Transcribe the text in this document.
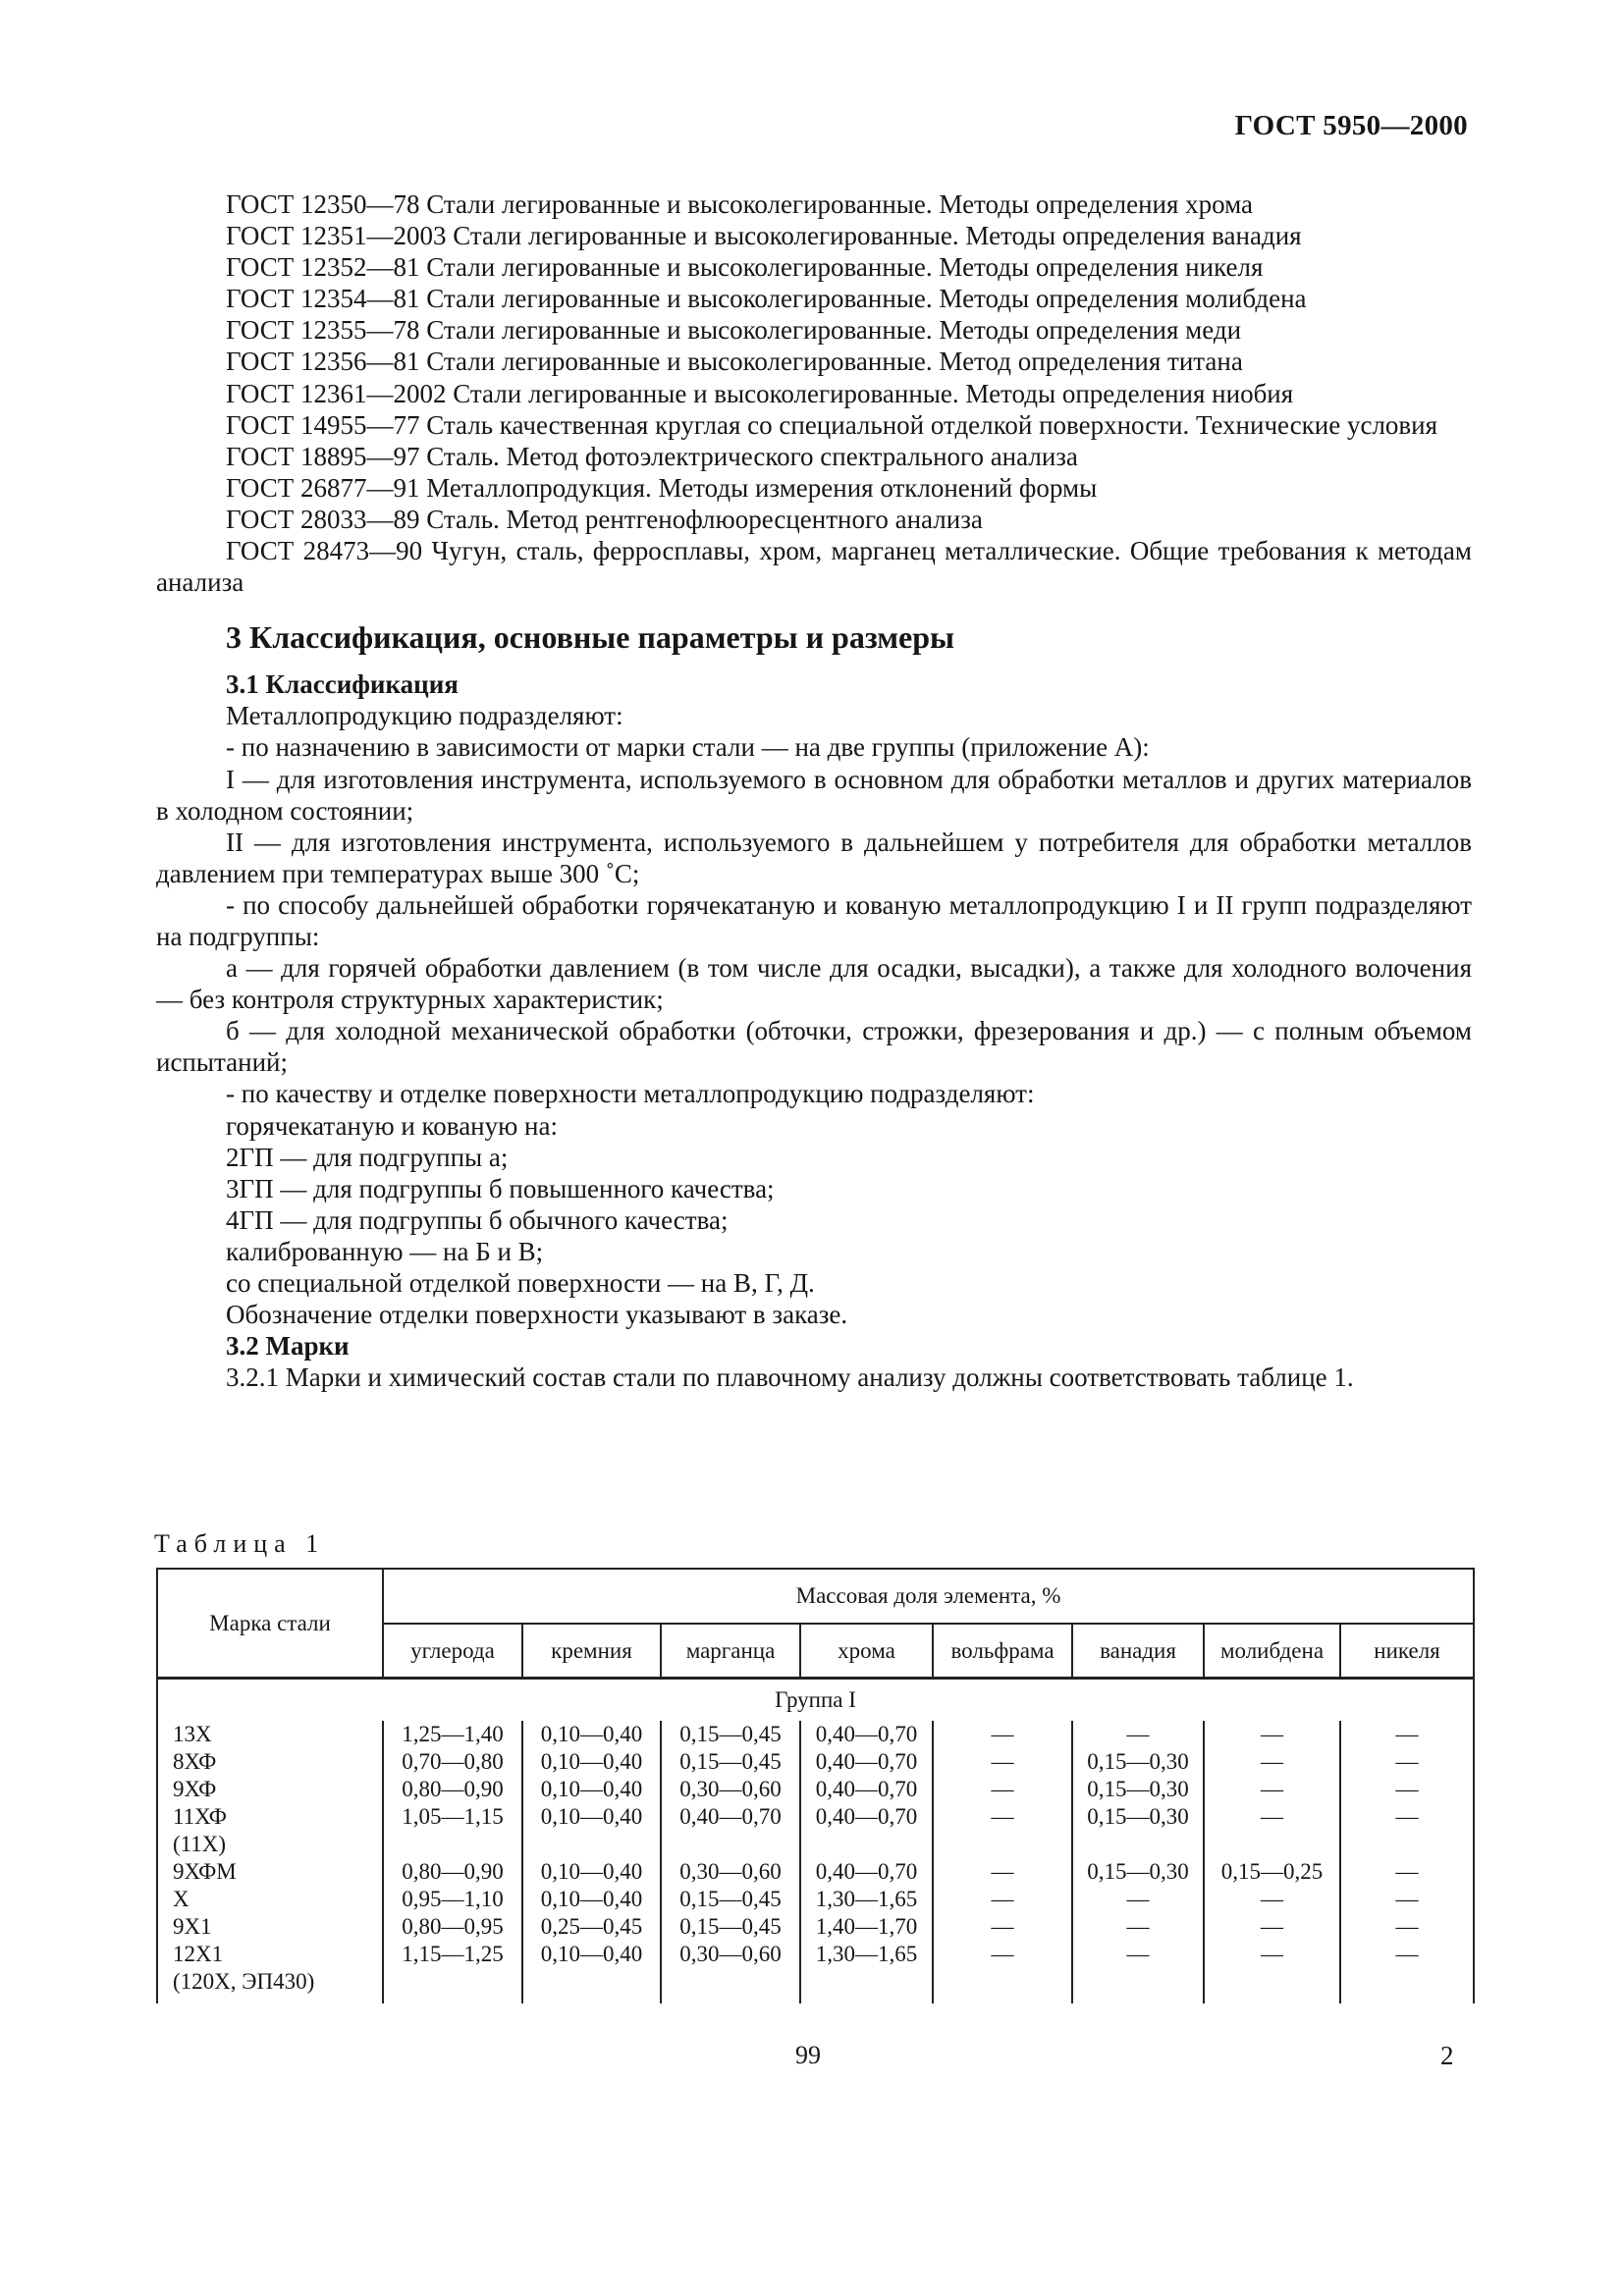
ГОСТ 5950—2000

ГОСТ 12350—78 Стали легированные и высоколегированные. Методы определения хрома

ГОСТ 12351—2003 Стали легированные и высоколегированные. Методы определения ванадия

ГОСТ 12352—81 Стали легированные и высоколегированные. Методы определения никеля

ГОСТ 12354—81 Стали легированные и высоколегированные. Методы определения молибдена

ГОСТ 12355—78 Стали легированные и высоколегированные. Методы определения меди

ГОСТ 12356—81 Стали легированные и высоколегированные. Метод определения титана

ГОСТ 12361—2002 Стали легированные и высоколегированные. Методы определения ниобия

ГОСТ 14955—77 Сталь качественная круглая со специальной отделкой поверхности. Технические условия

ГОСТ 18895—97 Сталь. Метод фотоэлектрического спектрального анализа

ГОСТ 26877—91 Металлопродукция. Методы измерения отклонений формы

ГОСТ 28033—89 Сталь. Метод рентгенофлюоресцентного анализа

ГОСТ 28473—90 Чугун, сталь, ферросплавы, хром, марганец металлические. Общие требования к методам анализа

3 Классификация, основные параметры и размеры
3.1 Классификация

Металлопродукцию подразделяют:

- по назначению в зависимости от марки стали — на две группы (приложение А):

I — для изготовления инструмента, используемого в основном для обработки металлов и других материалов в холодном состоянии;

II — для изготовления инструмента, используемого в дальнейшем у потребителя для обработки металлов давлением при температурах выше 300 ˚С;

- по способу дальнейшей обработки горячекатаную и кованую металлопродукцию I и II групп подразделяют на подгруппы:

а — для горячей обработки давлением (в том числе для осадки, высадки), а также для холодного волочения — без контроля структурных характеристик;

б — для холодной механической обработки (обточки, строжки, фрезерования и др.) — с полным объемом испытаний;

- по качеству и отделке поверхности металлопродукцию подразделяют:

горячекатаную и кованую на:

2ГП — для подгруппы а;

3ГП — для подгруппы б повышенного качества;

4ГП — для подгруппы б обычного качества;

калиброванную — на Б и В;

со специальной отделкой поверхности — на В, Г, Д.

Обозначение отделки поверхности указывают в заказе.

3.2 Марки

3.2.1 Марки и химический состав стали по плавочному анализу должны соответствовать таблице 1.

Таблица 1
Марка стали	Массовая доля элемента, %							
	углерода	кремния	марганца	хрома	вольфрама	ванадия	молибдена	никеля
Группа I								
13Х	1,25—1,40	0,10—0,40	0,15—0,45	0,40—0,70	—	—	—	—
8ХФ	0,70—0,80	0,10—0,40	0,15—0,45	0,40—0,70	—	0,15—0,30	—	—
9ХФ	0,80—0,90	0,10—0,40	0,30—0,60	0,40—0,70	—	0,15—0,30	—	—
11ХФ	1,05—1,15	0,10—0,40	0,40—0,70	0,40—0,70	—	0,15—0,30	—	—
(11Х)								
9ХФМ	0,80—0,90	0,10—0,40	0,30—0,60	0,40—0,70	—	0,15—0,30	0,15—0,25	—
Х	0,95—1,10	0,10—0,40	0,15—0,45	1,30—1,65	—	—	—	—
9Х1	0,80—0,95	0,25—0,45	0,15—0,45	1,40—1,70	—	—	—	—
12Х1	1,15—1,25	0,10—0,40	0,30—0,60	1,30—1,65	—	—	—	—
(120Х, ЭП430)								
99	2
